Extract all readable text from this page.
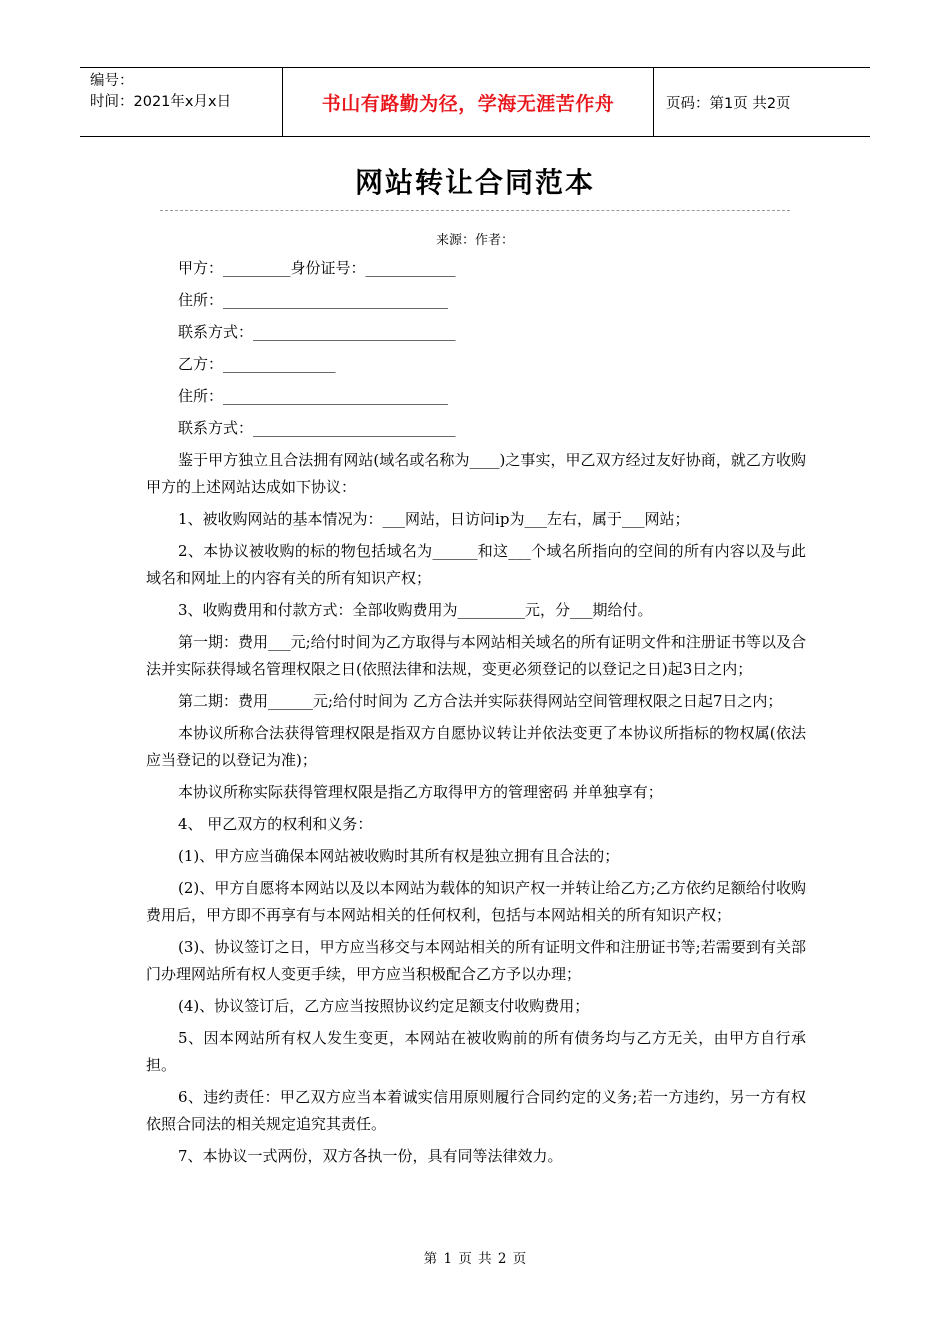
编号：
时间：2021年x月x日	书山有路勤为径，学海无涯苦作舟	页码：第1页 共2页
网站转让合同范本
来源：作者：
甲方：_________身份证号：____________
住所：______________________________
联系方式：___________________________
乙方：_______________
住所：______________________________
联系方式：___________________________
鉴于甲方独立且合法拥有网站(域名或名称为____)之事实，甲乙双方经过友好协商，就乙方收购甲方的上述网站达成如下协议：
1、被收购网站的基本情况为：___网站，日访问ip为___左右，属于___网站；
2、本协议被收购的标的物包括域名为______和这___个域名所指向的空间的所有内容以及与此域名和网址上的内容有关的所有知识产权；
3、收购费用和付款方式：全部收购费用为_________元，分___期给付。
第一期：费用___元;给付时间为乙方取得与本网站相关域名的所有证明文件和注册证书等以及合法并实际获得域名管理权限之日(依照法律和法规，变更必须登记的以登记之日)起3日之内；
第二期：费用______元;给付时间为 乙方合法并实际获得网站空间管理权限之日起7日之内；
本协议所称合法获得管理权限是指双方自愿协议转让并依法变更了本协议所指标的物权属(依法应当登记的以登记为准)；
本协议所称实际获得管理权限是指乙方取得甲方的管理密码 并单独享有；
4、 甲乙双方的权利和义务：
(1)、甲方应当确保本网站被收购时其所有权是独立拥有且合法的；
(2)、甲方自愿将本网站以及以本网站为载体的知识产权一并转让给乙方;乙方依约足额给付收购费用后，甲方即不再享有与本网站相关的任何权利，包括与本网站相关的所有知识产权；
(3)、协议签订之日，甲方应当移交与本网站相关的所有证明文件和注册证书等;若需要到有关部门办理网站所有权人变更手续，甲方应当积极配合乙方予以办理；
(4)、协议签订后，乙方应当按照协议约定足额支付收购费用；
5、因本网站所有权人发生变更，本网站在被收购前的所有债务均与乙方无关，由甲方自行承担。
6、违约责任：甲乙双方应当本着诚实信用原则履行合同约定的义务;若一方违约，另一方有权依照合同法的相关规定追究其责任。
7、本协议一式两份，双方各执一份，具有同等法律效力。
第 1 页 共 2 页
